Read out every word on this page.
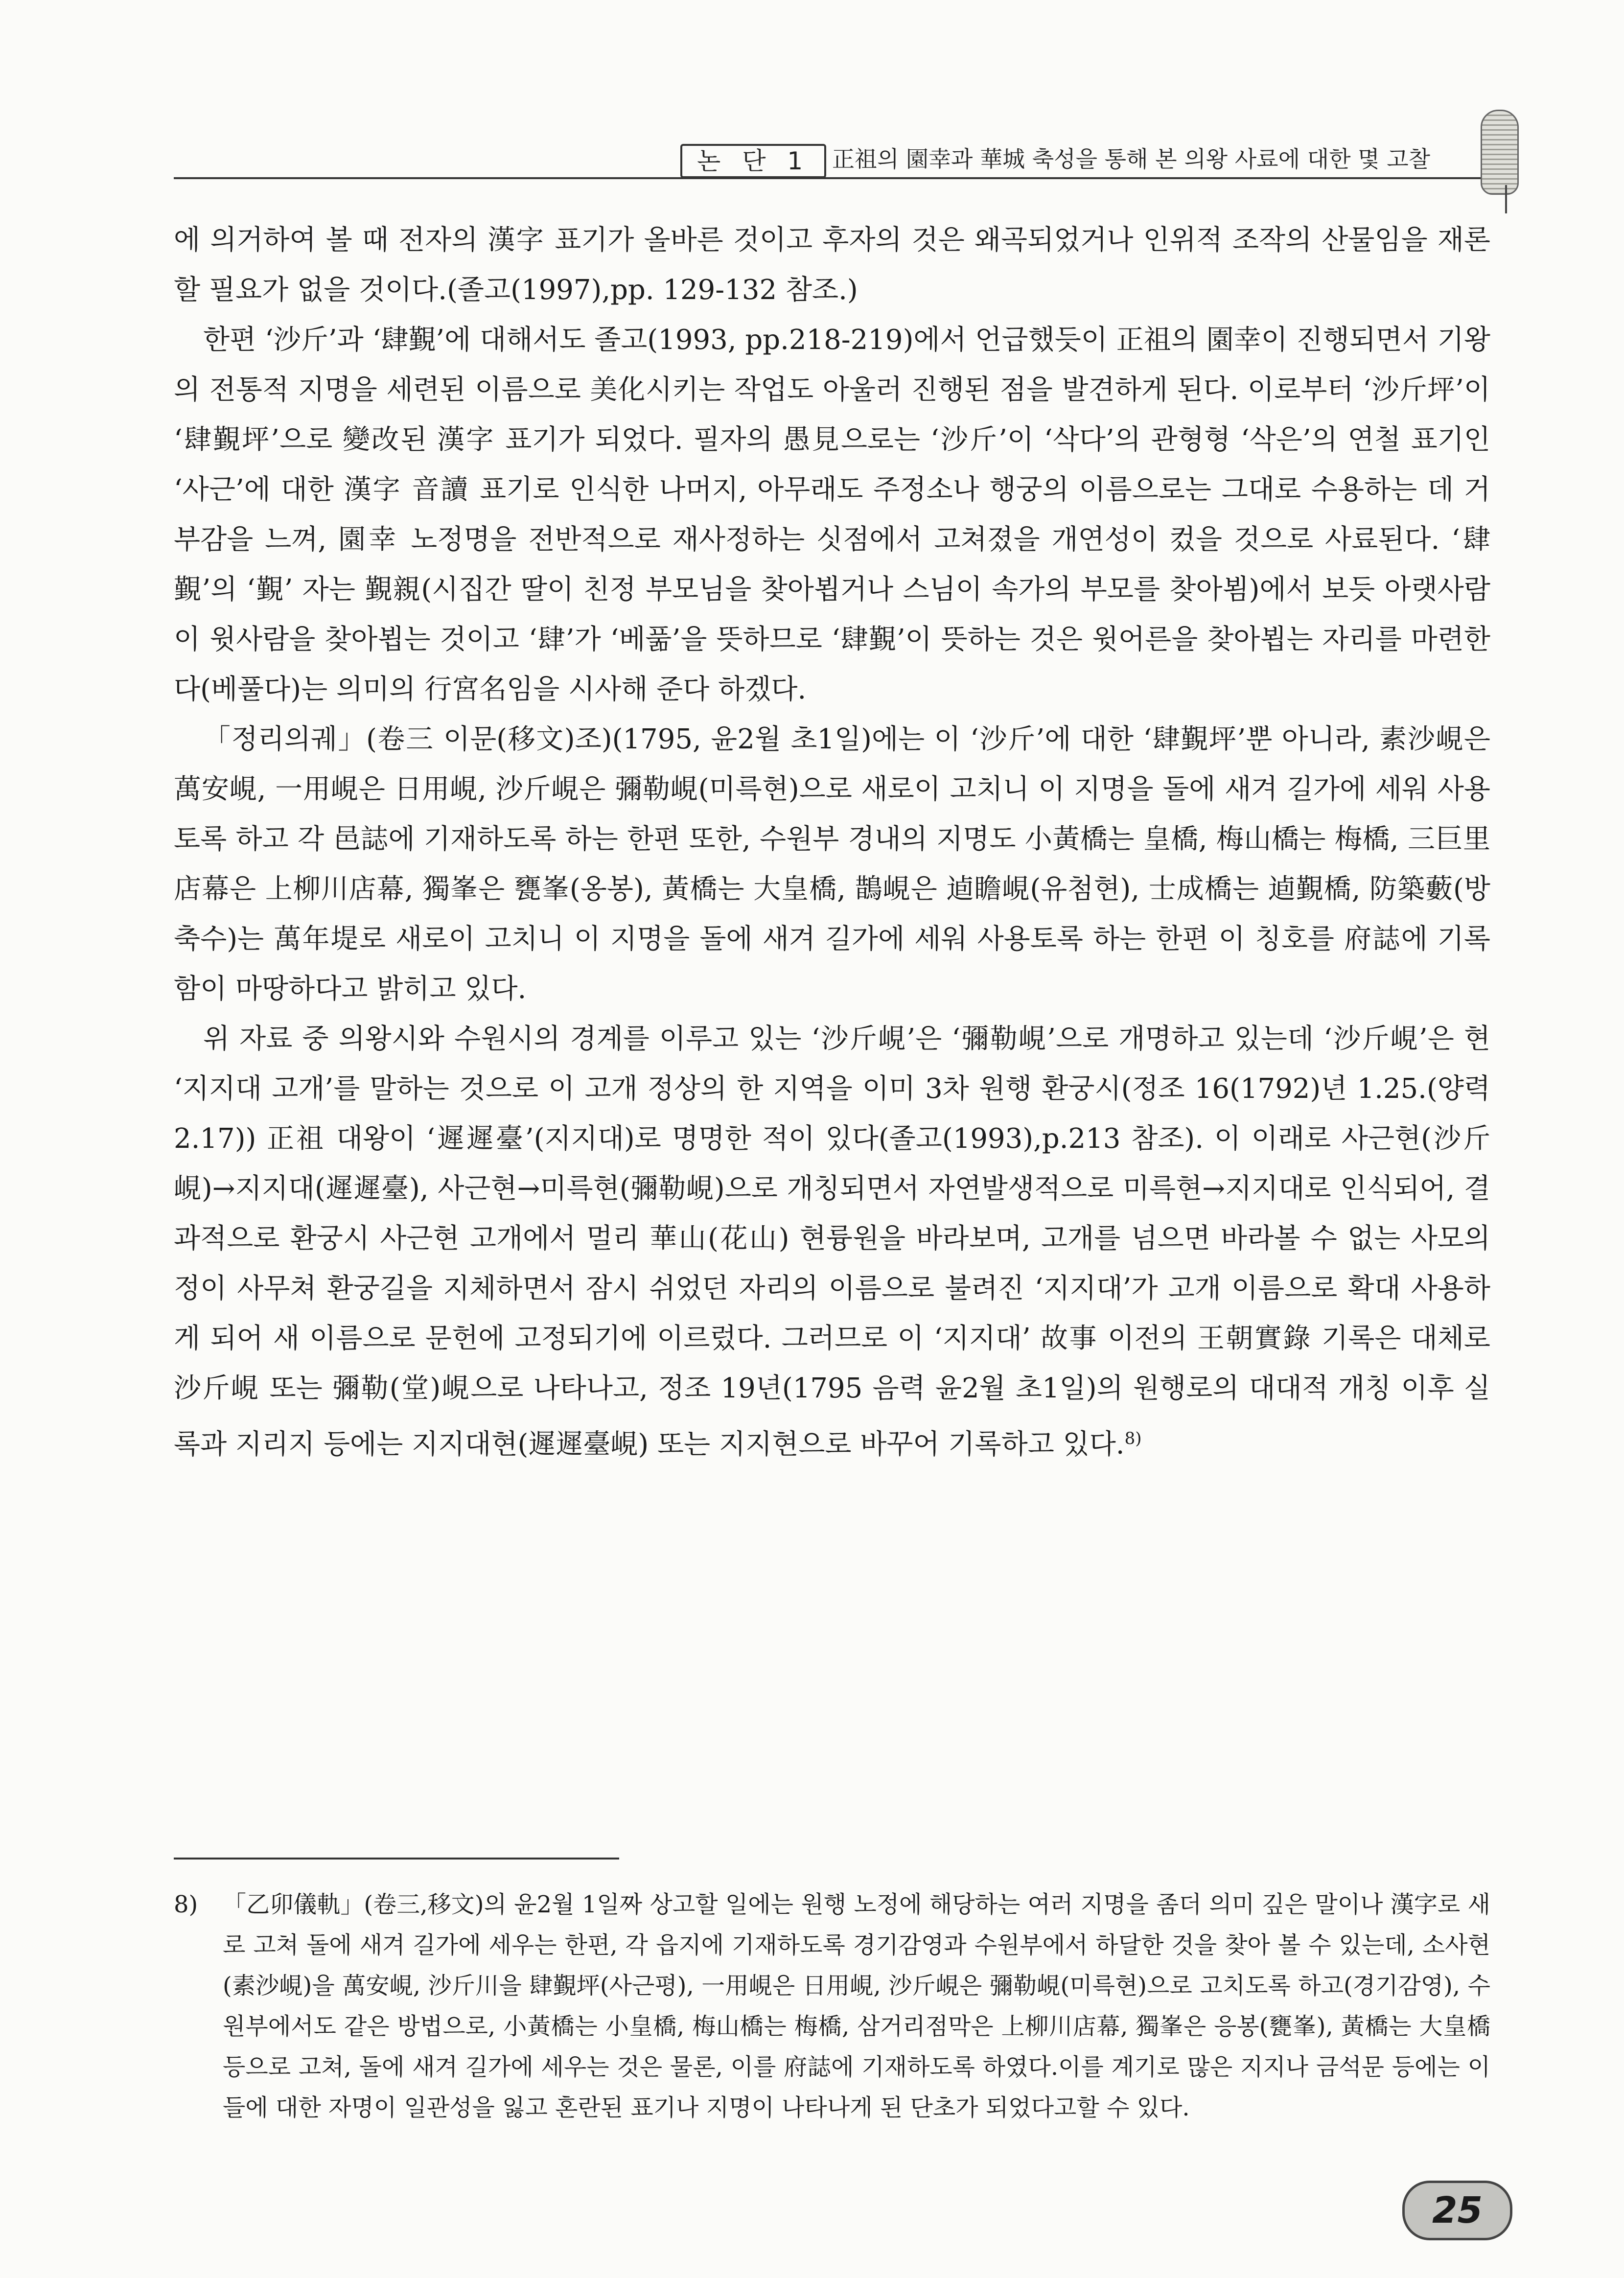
논 단 1 正祖의 園幸과 華城 축성을 통해 본 의왕 사료에 대한 몇 고찰

에 의거하여 볼 때 전자의 漢字 표기가 올바른 것이고 후자의 것은 왜곡되었거나 인위적 조작의 산물임을 재론할 필요가 없을 것이다.(졸고(1997),pp. 129-132 참조.)

한편 ‘沙斤’과 ‘肆覲’에 대해서도 졸고(1993, pp.218-219)에서 언급했듯이 正祖의 園幸이 진행되면서 기왕의 전통적 지명을 세련된 이름으로 美化시키는 작업도 아울러 진행된 점을 발견하게 된다. 이로부터 ‘沙斤坪’이 ‘肆覲坪’으로 變改된 漢字 표기가 되었다. 필자의 愚見으로는 ‘沙斤’이 ‘삭다’의 관형형 ‘삭은’의 연철 표기인 ‘사근’에 대한 漢字 音讀 표기로 인식한 나머지, 아무래도 주정소나 행궁의 이름으로는 그대로 수용하는 데 거부감을 느껴, 園幸 노정명을 전반적으로 재사정하는 싯점에서 고쳐졌을 개연성이 컸을 것으로 사료된다. ‘肆覲’의 ‘覲’ 자는 覲親(시집간 딸이 친정 부모님을 찾아뵙거나 스님이 속가의 부모를 찾아뵘)에서 보듯 아랫사람이 윗사람을 찾아뵙는 것이고 ‘肆’가 ‘베풂’을 뜻하므로 ‘肆覲’이 뜻하는 것은 윗어른을 찾아뵙는 자리를 마련한다(베풀다)는 의미의 行宮名임을 시사해 준다 하겠다.

「정리의궤」(卷三 이문(移文)조)(1795, 윤2월 초1일)에는 이 ‘沙斤’에 대한 ‘肆覲坪’뿐 아니라, 素沙峴은 萬安峴, 一用峴은 日用峴, 沙斤峴은 彌勒峴(미륵현)으로 새로이 고치니 이 지명을 돌에 새겨 길가에 세워 사용토록 하고 각 邑誌에 기재하도록 하는 한편 또한, 수원부 경내의 지명도 小黃橋는 皇橋, 梅山橋는 梅橋, 三巨里 店幕은 上柳川店幕, 獨峯은 甕峯(옹봉), 黃橋는 大皇橋, 鵲峴은 逌瞻峴(유첨현), 士成橋는 逌覲橋, 防築藪(방축수)는 萬年堤로 새로이 고치니 이 지명을 돌에 새겨 길가에 세워 사용토록 하는 한편 이 칭호를 府誌에 기록함이 마땅하다고 밝히고 있다.

위 자료 중 의왕시와 수원시의 경계를 이루고 있는 ‘沙斤峴’은 ‘彌勒峴’으로 개명하고 있는데 ‘沙斤峴’은 현 ‘지지대 고개’를 말하는 것으로 이 고개 정상의 한 지역을 이미 3차 원행 환궁시(정조 16(1792)년 1.25.(양력2.17)) 正祖 대왕이 ‘遲遲臺’(지지대)로 명명한 적이 있다(졸고(1993),p.213 참조). 이 이래로 사근현(沙斤峴)→지지대(遲遲臺), 사근현→미륵현(彌勒峴)으로 개칭되면서 자연발생적으로 미륵현→지지대로 인식되어, 결과적으로 환궁시 사근현 고개에서 멀리 華山(花山) 현륭원을 바라보며, 고개를 넘으면 바라볼 수 없는 사모의 정이 사무쳐 환궁길을 지체하면서 잠시 쉬었던 자리의 이름으로 불려진 ‘지지대’가 고개 이름으로 확대 사용하게 되어 새 이름으로 문헌에 고정되기에 이르렀다. 그러므로 이 ‘지지대’ 故事 이전의 王朝實錄 기록은 대체로 沙斤峴 또는 彌勒(堂)峴으로 나타나고, 정조 19년(1795 음력 윤2월 초1일)의 원행로의 대대적 개칭 이후 실록과 지리지 등에는 지지대현(遲遲臺峴) 또는 지지현으로 바꾸어 기록하고 있다.$^{8)}$

8) 「乙卯儀軌」(卷三,移文)의 윤2월 1일짜 상고할 일에는 원행 노정에 해당하는 여러 지명을 좀더 의미 깊은 말이나 漢字로 새로 고쳐 돌에 새겨 길가에 세우는 한편, 각 읍지에 기재하도록 경기감영과 수원부에서 하달한 것을 찾아 볼 수 있는데, 소사현(素沙峴)을 萬安峴, 沙斤川을 肆覲坪(사근평), 一用峴은 日用峴, 沙斤峴은 彌勒峴(미륵현)으로 고치도록 하고(경기감영), 수원부에서도 같은 방법으로, 小黃橋는 小皇橋, 梅山橋는 梅橋, 삼거리점막은 上柳川店幕, 獨峯은 응봉(甕峯), 黃橋는 大皇橋 등으로 고쳐, 돌에 새겨 길가에 세우는 것은 물론, 이를 府誌에 기재하도록 하였다.이를 계기로 많은 지지나 금석문 등에는 이들에 대한 자명이 일관성을 잃고 혼란된 표기나 지명이 나타나게 된 단초가 되었다고할 수 있다.

25
